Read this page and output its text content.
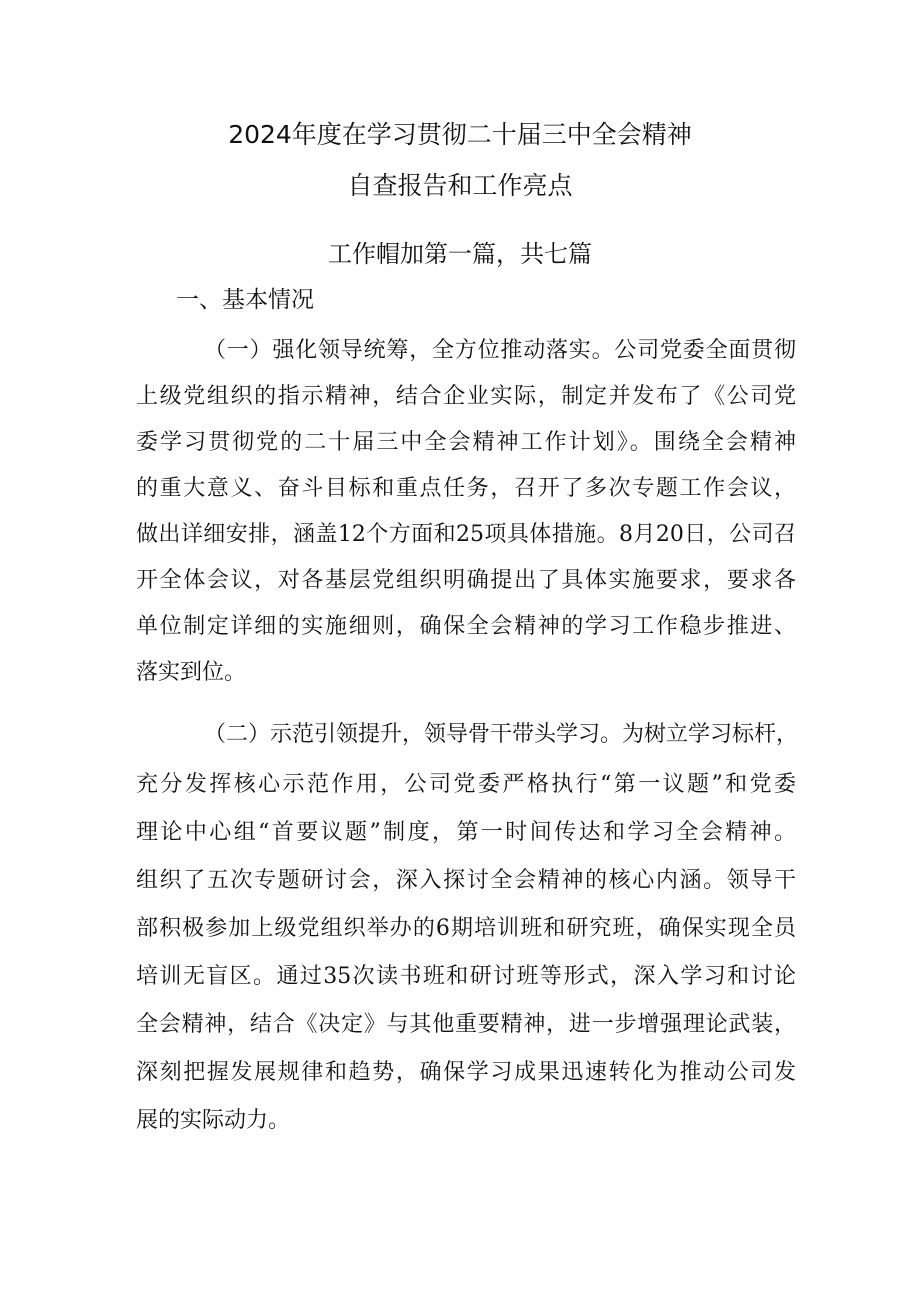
2024年度在学习贯彻二十届三中全会精神
自查报告和工作亮点
工作帽加第一篇，共七篇
一、基本情况
（一）强化领导统筹，全方位推动落实。公司党委全面贯彻
上级党组织的指示精神，结合企业实际，制定并发布了《公司党
委学习贯彻党的二十届三中全会精神工作计划》。围绕全会精神
的重大意义、奋斗目标和重点任务，召开了多次专题工作会议，
做出详细安排，涵盖12个方面和25项具体措施。8月20日，公司召
开全体会议，对各基层党组织明确提出了具体实施要求，要求各
单位制定详细的实施细则，确保全会精神的学习工作稳步推进、
落实到位。
（二）示范引领提升，领导骨干带头学习。为树立学习标杆，
充分发挥核心示范作用，公司党委严格执行“第一议题”和党委
理论中心组“首要议题”制度，第一时间传达和学习全会精神。
组织了五次专题研讨会，深入探讨全会精神的核心内涵。领导干
部积极参加上级党组织举办的6期培训班和研究班，确保实现全员
培训无盲区。通过35次读书班和研讨班等形式，深入学习和讨论
全会精神，结合《决定》与其他重要精神，进一步增强理论武装，
深刻把握发展规律和趋势，确保学习成果迅速转化为推动公司发
展的实际动力。
